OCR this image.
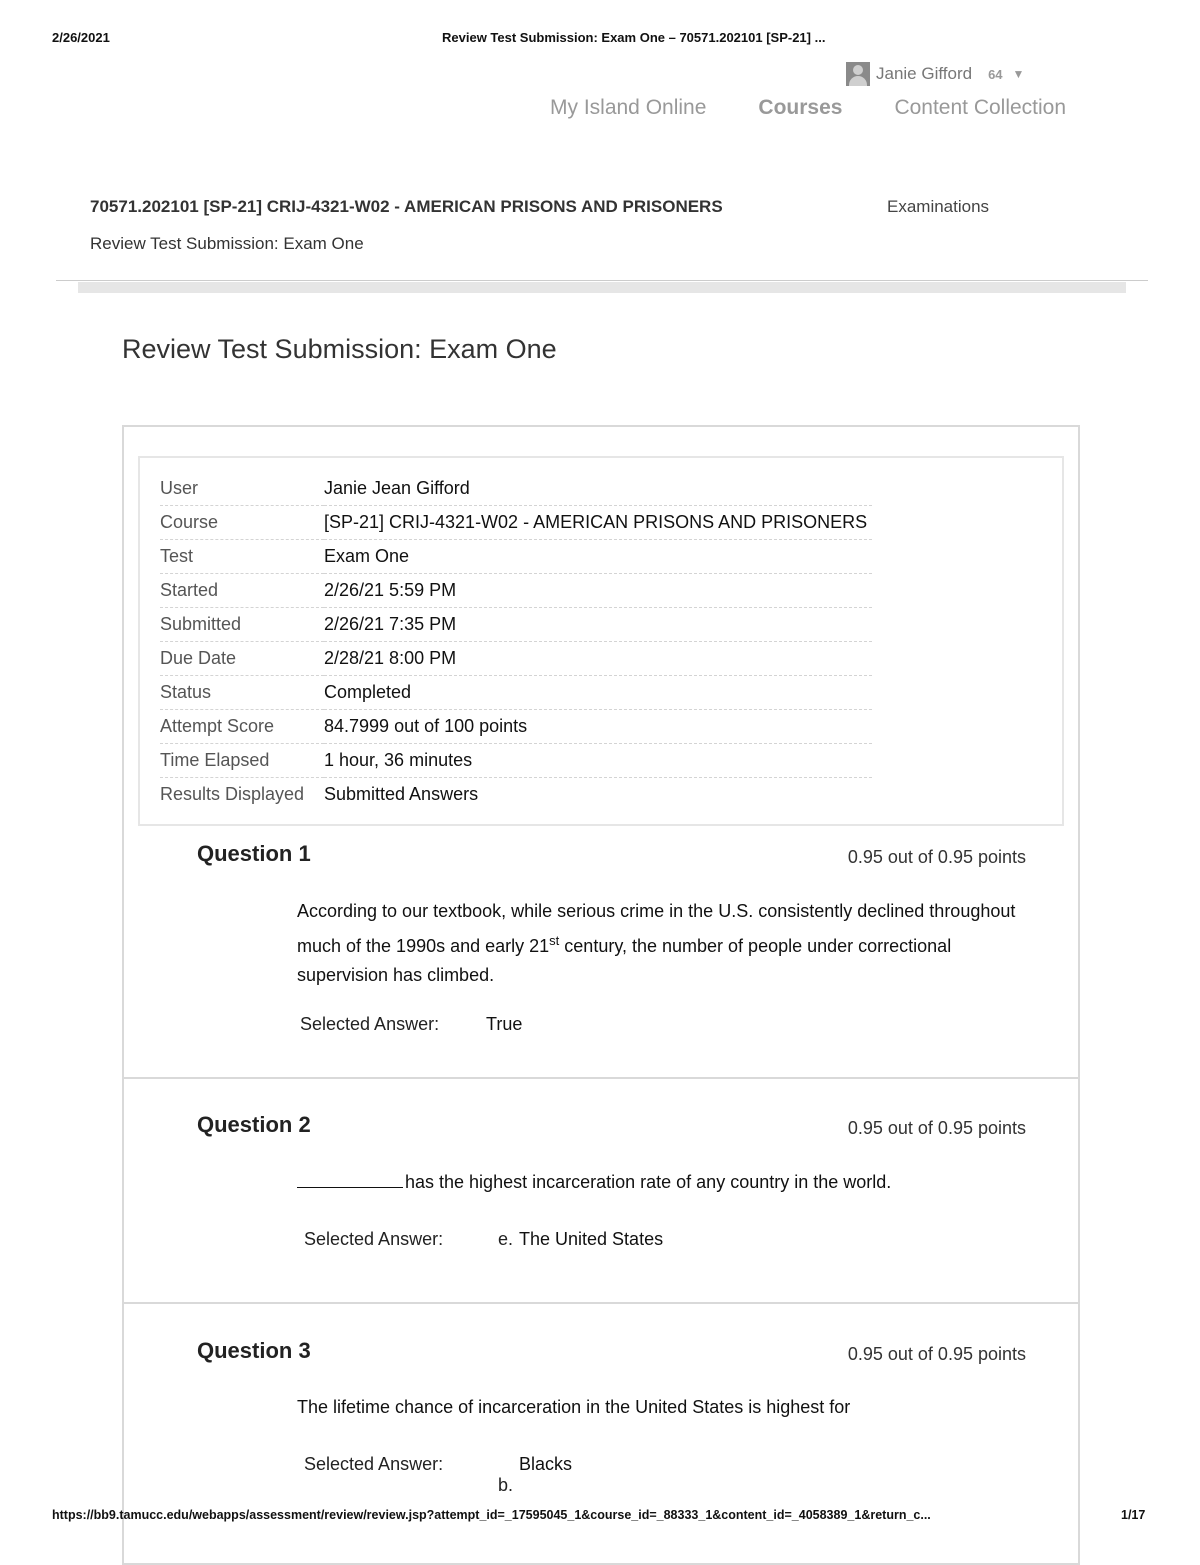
2/26/2021	Review Test Submission: Exam One – 70571.202101 [SP-21] ...
Janie Gifford 64 ▼
My Island Online Courses Content Collection
70571.202101 [SP-21] CRIJ-4321-W02 - AMERICAN PRISONS AND PRISONERS	Examinations
Review Test Submission: Exam One
Review Test Submission: Exam One
User	Janie Jean Gifford
Course	[SP-21] CRIJ-4321-W02 - AMERICAN PRISONS AND PRISONERS
Test	Exam One
Started	2/26/21 5:59 PM
Submitted	2/26/21 7:35 PM
Due Date	2/28/21 8:00 PM
Status	Completed
Attempt Score	84.7999 out of 100 points
Time Elapsed	1 hour, 36 minutes
Results Displayed	Submitted Answers
Question 1	0.95 out of 0.95 points
According to our textbook, while serious crime in the U.S. consistently declined throughout much of the 1990s and early 21st century, the number of people under correctional supervision has climbed.
Selected Answer:	True
Question 2	0.95 out of 0.95 points
has the highest incarceration rate of any country in the world.
Selected Answer:	e. The United States
Question 3	0.95 out of 0.95 points
The lifetime chance of incarceration in the United States is highest for
Selected Answer:
b.
Blacks
https://bb9.tamucc.edu/webapps/assessment/review/review.jsp?attempt_id=_17595045_1&course_id=_88333_1&content_id=_4058389_1&return_c...	1/17
